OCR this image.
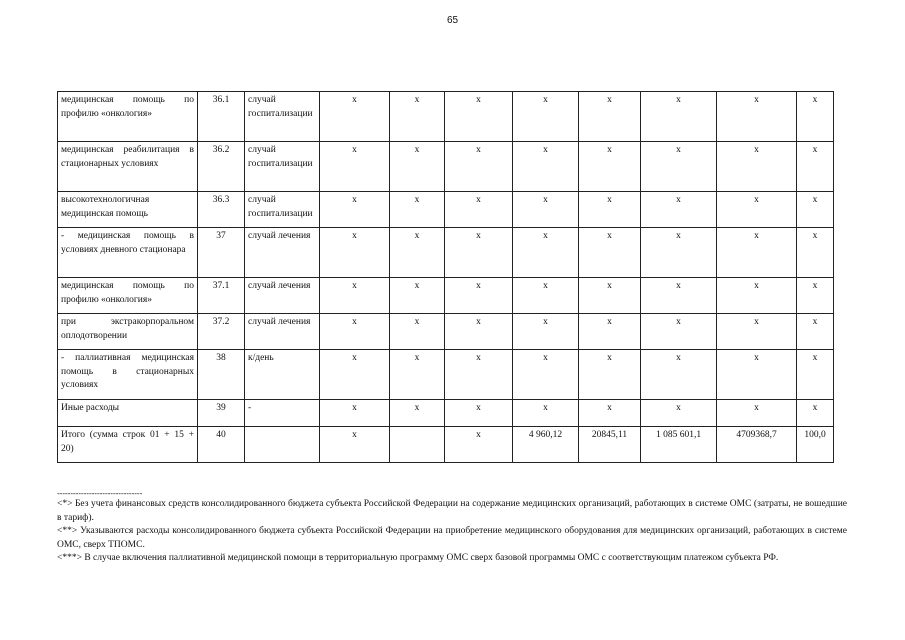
65
медицинская помощь по профилю «онкология»	36.1	случай госпитализации	х	х	х	х	х	х	х	х
медицинская реабилитация в стационарных условиях	36.2	случай госпитализации	х	х	х	х	х	х	х	х
высокотехнологичная медицинская помощь	36.3	случай госпитализации	х	х	х	х	х	х	х	х
- медицинская помощь в условиях дневного стационара	37	случай лечения	х	х	х	х	х	х	х	х
медицинская помощь по профилю «онкология»	37.1	случай лечения	х	х	х	х	х	х	х	х
при экстракорпоральном оплодотворении	37.2	случай лечения	х	х	х	х	х	х	х	х
- паллиативная медицинская помощь в стационарных условиях	38	к/день	х	х	х	х	х	х	х	х
Иные расходы	39	-	х	х	х	х	х	х	х	х
Итого (сумма строк 01 + 15 + 20)	40		х		х	4 960,12	20845,11	1 085 601,1	4709368,7	100,0
--------------------------------

<*> Без учета финансовых средств консолидированного бюджета субъекта Российской Федерации на содержание медицинских организаций, работающих в системе ОМС (затраты, не вошедшие в тариф).

<**> Указываются расходы консолидированного бюджета субъекта Российской Федерации на приобретение медицинского оборудования для медицинских организаций, работающих в системе ОМС, сверх ТПОМС.

<***> В случае включения паллиативной медицинской помощи в территориальную программу ОМС сверх базовой программы ОМС с соответствующим платежом субъекта РФ.
